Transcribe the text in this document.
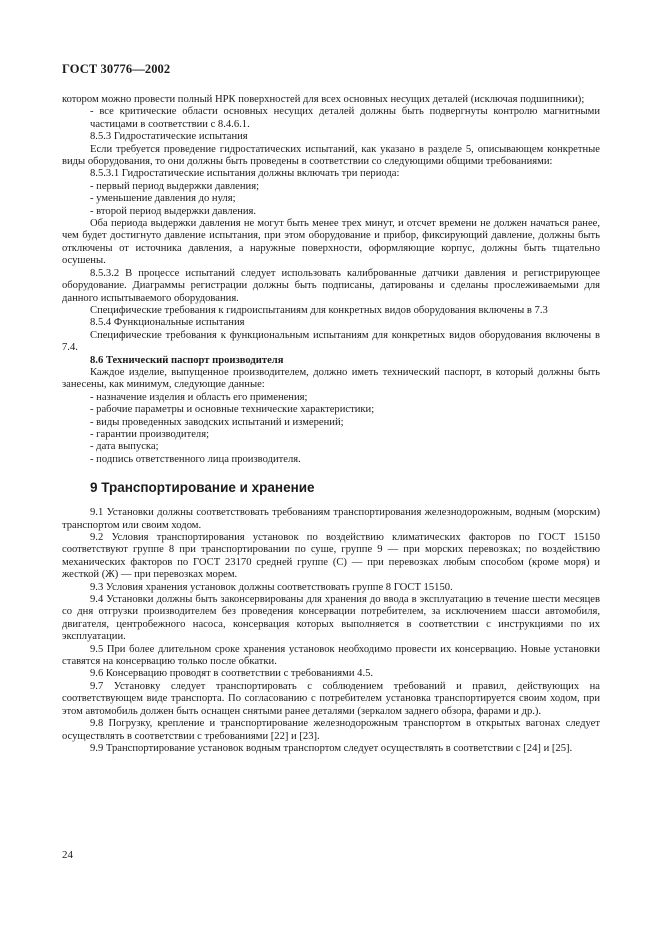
ГОСТ 30776—2002
котором можно провести полный НРК поверхностей для всех основных несущих деталей (исключая подшипники);
- все критические области основных несущих деталей должны быть подвергнуты контролю магнитными частицами в соответствии с 8.4.6.1.
8.5.3 Гидростатические испытания
Если требуется проведение гидростатических испытаний, как указано в разделе 5, описывающем конкретные виды оборудования, то они должны быть проведены в соответствии со следующими общими требованиями:
8.5.3.1 Гидростатические испытания должны включать три периода:
- первый период выдержки давления;
- уменьшение давления до нуля;
- второй период выдержки давления.
Оба периода выдержки давления не могут быть менее трех минут, и отсчет времени не должен начаться ранее, чем будет достигнуто давление испытания, при этом оборудование и прибор, фиксирующий давление, должны быть отключены от источника давления, а наружные поверхности, оформляющие корпус, должны быть тщательно осушены.
8.5.3.2 В процессе испытаний следует использовать калиброванные датчики давления и регистрирующее оборудование. Диаграммы регистрации должны быть подписаны, датированы и сделаны прослеживаемыми для данного испытываемого оборудования.
Специфические требования к гидроиспытаниям для конкретных видов оборудования включены в 7.3
8.5.4 Функциональные испытания
Специфические требования к функциональным испытаниям для конкретных видов оборудования включены в 7.4.
8.6 Технический паспорт производителя
Каждое изделие, выпущенное производителем, должно иметь технический паспорт, в который должны быть занесены, как минимум, следующие данные:
- назначение изделия и область его применения;
- рабочие параметры и основные технические характеристики;
- виды проведенных заводских испытаний и измерений;
- гарантии производителя;
- дата выпуска;
- подпись ответственного лица производителя.
9 Транспортирование и хранение
9.1 Установки должны соответствовать требованиям транспортирования железнодорожным, водным (морским) транспортом или своим ходом.
9.2 Условия транспортирования установок по воздействию климатических факторов по ГОСТ 15150 соответствуют группе 8 при транспортировании по суше, группе 9 — при морских перевозках; по воздействию механических факторов по ГОСТ 23170 средней группе (С) — при перевозках любым способом (кроме моря) и жесткой (Ж) — при перевозках морем.
9.3 Условия хранения установок должны соответствовать группе 8 ГОСТ 15150.
9.4 Установки должны быть законсервированы для хранения до ввода в эксплуатацию в течение шести месяцев со дня отгрузки производителем без проведения консервации потребителем, за исключением шасси автомобиля, двигателя, центробежного насоса, консервация которых выполняется в соответствии с инструкциями по их эксплуатации.
9.5 При более длительном сроке хранения установок необходимо провести их консервацию. Новые установки ставятся на консервацию только после обкатки.
9.6 Консервацию проводят в соответствии с требованиями 4.5.
9.7 Установку следует транспортировать с соблюдением требований и правил, действующих на соответствующем виде транспорта. По согласованию с потребителем установка транспортируется своим ходом, при этом автомобиль должен быть оснащен снятыми ранее деталями (зеркалом заднего обзора, фарами и др.).
9.8 Погрузку, крепление и транспортирование железнодорожным транспортом в открытых вагонах следует осуществлять в соответствии с требованиями [22] и [23].
9.9 Транспортирование установок водным транспортом следует осуществлять в соответствии с [24] и [25].
24
